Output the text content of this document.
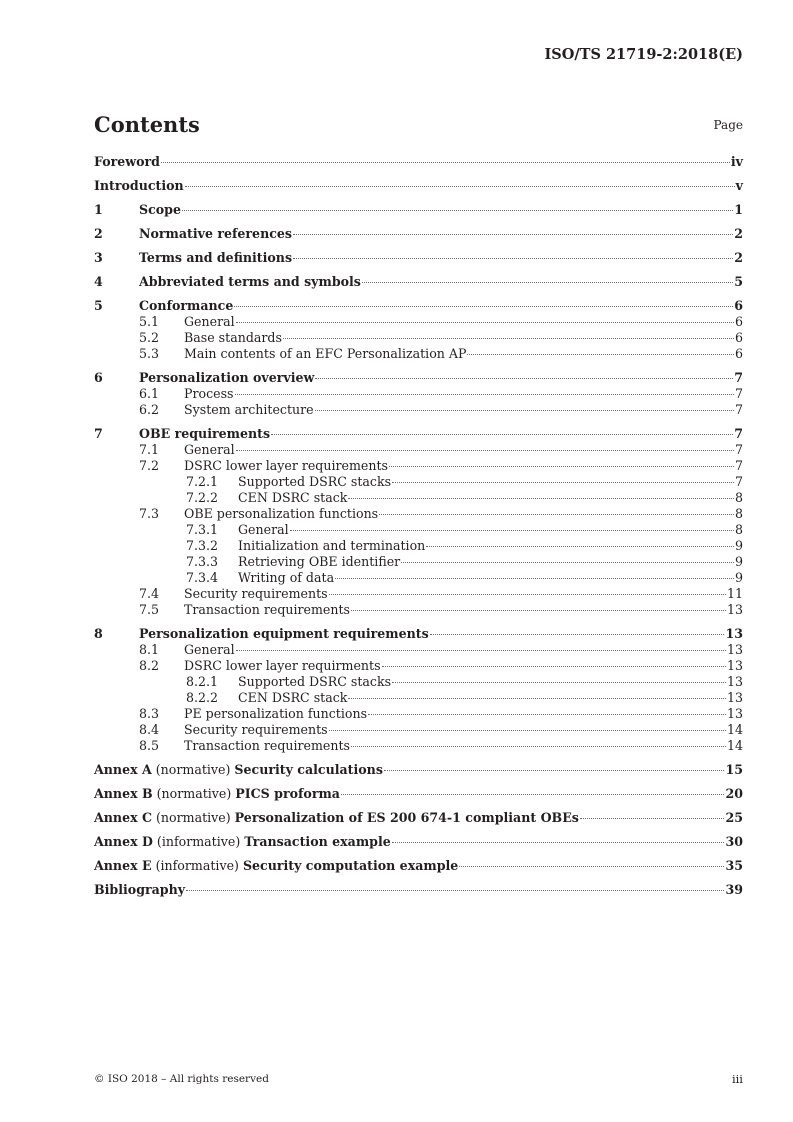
ISO/TS 21719-2:2018(E)
Contents	Page
Foreword	iv
Introduction	v
1	Scope	1
2	Normative references	2
3	Terms and definitions	2
4	Abbreviated terms and symbols	5
5	Conformance	6
5.1	General	6
5.2	Base standards	6
5.3	Main contents of an EFC Personalization AP	6
6	Personalization overview	7
6.1	Process	7
6.2	System architecture	7
7	OBE requirements	7
7.1	General	7
7.2	DSRC lower layer requirements	7
7.2.1	Supported DSRC stacks	7
7.2.2	CEN DSRC stack	8
7.3	OBE personalization functions	8
7.3.1	General	8
7.3.2	Initialization and termination	9
7.3.3	Retrieving OBE identifier	9
7.3.4	Writing of data	9
7.4	Security requirements	11
7.5	Transaction requirements	13
8	Personalization equipment requirements	13
8.1	General	13
8.2	DSRC lower layer requirments	13
8.2.1	Supported DSRC stacks	13
8.2.2	CEN DSRC stack	13
8.3	PE personalization functions	13
8.4	Security requirements	14
8.5	Transaction requirements	14
Annex A (normative) Security calculations	15
Annex B (normative) PICS proforma	20
Annex C (normative) Personalization of ES 200 674-1 compliant OBEs	25
Annex D (informative) Transaction example	30
Annex E (informative) Security computation example	35
Bibliography	39
© ISO 2018 – All rights reserved	iii
